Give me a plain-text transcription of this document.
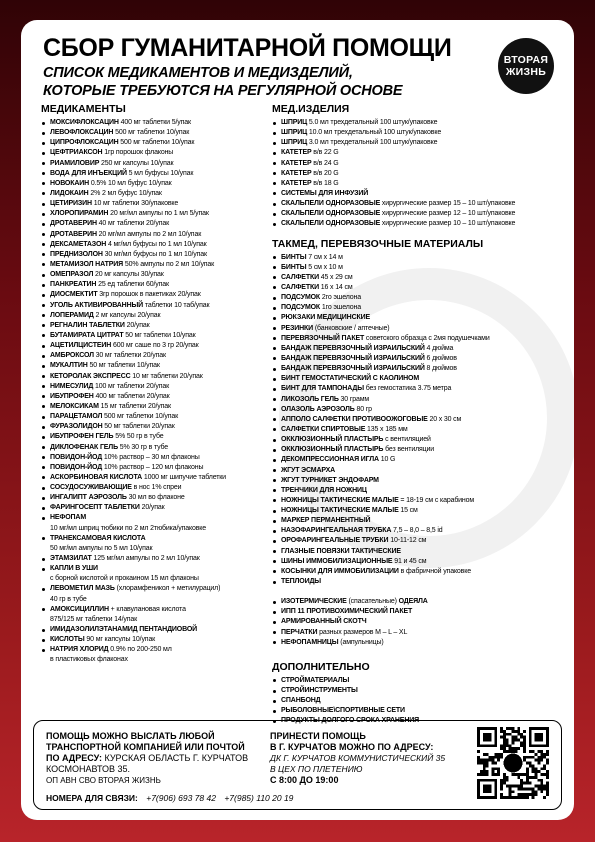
СБОР ГУМАНИТАРНОЙ ПОМОЩИ
СПИСОК МЕДИКАМЕНТОВ И МЕДИЗДЕЛИЙ,
КОТОРЫЕ ТРЕБУЮТСЯ НА РЕГУЛЯРНОЙ ОСНОВЕ
ВТОРАЯ
ЖИЗНЬ
МЕДИКАМЕНТЫ
МОКСИФЛОКСАЦИН 400 мг таблетки 5/упак
ЛЕВОФЛОКСАЦИН 500 мг таблетки 10/упак
ЦИПРОФЛОКСАЦИН 500 мг таблетки 10/упак
ЦЕФТРИАКСОН 1гр порошок флаконы
РИАМИЛОВИР 250 мг капсулы 10/упак
ВОДА ДЛЯ ИНЪЕКЦИЙ 5 мл буфусы 10/упак
НОВОКАИН 0.5% 10 мл буфус 10/упак
ЛИДОКАИН 2% 2 мл буфус 10/упак
ЦЕТИРИЗИН 10 мг таблетки 30/упаковке
ХЛОРОПИРАМИН 20 мг/мл ампулы по 1 мл 5/упак
ДРОТАВЕРИН 40 мг таблетки 20/упак
ДРОТАВЕРИН 20 мг/мл ампулы по 2 мл 10/упак
ДЕКСАМЕТАЗОН 4 мг/мл буфусы по 1 мл 10/упак
ПРЕДНИЗОЛОН 30 мг/мл буфусы по 1 мл 10/упак
МЕТАМИЗОЛ НАТРИЯ 50% ампулы по 2 мл 10/упак
ОМЕПРАЗОЛ 20 мг капсулы 30/упак
ПАНКРЕАТИН 25 ед таблетки 60/упак
ДИОСМЕКТИТ 3гр порошок в пакетиках 20/упак
УГОЛЬ АКТИВИРОВАННЫЙ таблетки 10 таб/упак
ЛОПЕРАМИД 2 мг капсулы 20/упак
РЕГНАЛИН ТАБЛЕТКИ 20/упак
БУТАМИРАТА ЦИТРАТ 50 мг таблетки 10/упак
АЦЕТИЛЦИСТЕИН 600 мг саше по 3 гр 20/упак
АМБРОКСОЛ 30 мг таблетки 20/упак
МУКАЛТИН 50 мг таблетки 10/упак
КЕТОРОЛАК ЭКСПРЕСС 10 мг таблетки 20/упак
НИМЕСУЛИД 100 мг таблетки 20/упак
ИБУПРОФЕН 400 мг таблетки 20/упак
МЕЛОКСИКАМ 15 мг таблетки 20/упак
ПАРАЦЕТАМОЛ 500 мг таблетки 10/упак
ФУРАЗОЛИДОН 50 мг таблетки 20/упак
ИБУПРОФЕН ГЕЛЬ 5% 50 гр в тубе
ДИКЛОФЕНАК ГЕЛЬ 5% 30 гр в тубе
ПОВИДОН-ЙОД 10% раствор – 30 мл флаконы
ПОВИДОН-ЙОД 10% раствор – 120 мл флаконы
АСКОРБИНОВАЯ КИСЛОТА 1000 мг шипучие таблетки
СОСУДОСУЖИВАЮЩИЕ в нос 1% спреи
ИНГАЛИПТ АЭРОЗОЛЬ 30 мл во флаконе
ФАРИНГОСЕПТ ТАБЛЕТКИ 20/упак
НЕФОПАМ
10 мг/мл шприц тюбики по 2 мл 2тюбика/упаковке
ТРАНЕКСАМОВАЯ КИСЛОТА
50 мг/мл ампулы по 5 мл 10/упак
ЭТАМЗИЛАТ 125 мг/мл ампулы по 2 мл 10/упак
КАПЛИ В УШИ
с борной кислотой и прокаином 15 мл флаконы
ЛЕВОМЕТИЛ МАЗЬ (хлорамфеникол + метилурацил)
40 гр в тубе
АМОКСИЦИЛЛИН + клавулановая кислота
875/125 мг таблетки 14/упак
ИМИДАЗОЛИЛЭТАНАМИД ПЕНТАНДИОВОЙ
КИСЛОТЫ 90 мг капсулы 10/упак
НАТРИЯ ХЛОРИД 0.9% по 200-250 мл
в пластиковых флаконах
МЕД.ИЗДЕЛИЯ
ШПРИЦ 5.0 мл трехдетальный 100 штук/упаковке
ШПРИЦ 10.0 мл трехдетальный 100 штук/упаковке
ШПРИЦ 3.0 мл трехдетальный 100 штук/упаковке
КАТЕТЕР в/в 22 G
КАТЕТЕР в/в 24 G
КАТЕТЕР в/в 20 G
КАТЕТЕР в/в 18 G
СИСТЕМЫ ДЛЯ ИНФУЗИЙ
СКАЛЬПЕЛИ ОДНОРАЗОВЫЕ хирургические размер 15 – 10 шт/упаковке
СКАЛЬПЕЛИ ОДНОРАЗОВЫЕ хирургические размер 12 – 10 шт/упаковке
СКАЛЬПЕЛИ ОДНОРАЗОВЫЕ хирургические размер 10 – 10 шт/упаковке
ТАКМЕД, ПЕРЕВЯЗОЧНЫЕ МАТЕРИАЛЫ
БИНТЫ 7 см х 14 м
БИНТЫ 5 см х 10 м
САЛФЕТКИ 45 х 29 см
САЛФЕТКИ 16 х 14 см
ПОДСУМОК 2го эшелона
ПОДСУМОК 1го эшелона
РЮКЗАКИ МЕДИЦИНСКИЕ
РЕЗИНКИ (банковские / аптечные)
ПЕРЕВЯЗОЧНЫЙ ПАКЕТ советского образца с 2мя подушечками
БАНДАЖ ПЕРЕВЯЗОЧНЫЙ ИЗРАИЛЬСКИЙ 4 дюйма
БАНДАЖ ПЕРЕВЯЗОЧНЫЙ ИЗРАИЛЬСКИЙ 6 дюймов
БАНДАЖ ПЕРЕВЯЗОЧНЫЙ ИЗРАИЛЬСКИЙ 8 дюймов
БИНТ ГЕМОСТАТИЧЕСКИЙ С КАОЛИНОМ
БИНТ ДЛЯ ТАМПОНАДЫ без гемостатика 3.75 метра
ЛИКОЗОЛЬ ГЕЛЬ 30 грамм
ОЛАЗОЛЬ АЭРОЗОЛЬ 80 гр
АППОЛО САЛФЕТКИ ПРОТИВООЖОГОВЫЕ 20 х 30 см
САЛФЕТКИ СПИРТОВЫЕ 135 х 185 мм
ОККЛЮЗИОННЫЙ ПЛАСТЫРЬ с вентиляцией
ОККЛЮЗИОННЫЙ ПЛАСТЫРЬ без вентиляции
ДЕКОМПРЕССИОННАЯ ИГЛА 10 G
ЖГУТ ЭСМАРХА
ЖГУТ ТУРНИКЕТ ЭНДОФАРМ
ТРЕНЧИКИ ДЛЯ НОЖНИЦ
НОЖНИЦЫ ТАКТИЧЕСКИЕ МАЛЫЕ = 18-19 см с карабином
НОЖНИЦЫ ТАКТИЧЕСКИЕ МАЛЫЕ 15 см
МАРКЕР ПЕРМАНЕНТНЫЙ
НАЗОФАРИНГЕАЛЬНАЯ ТРУБКА 7,5 – 8,0 – 8,5 id
ОРОФАРИНГЕАЛЬНЫЕ ТРУБКИ 10-11-12 см
ГЛАЗНЫЕ ПОВЯЗКИ ТАКТИЧЕСКИЕ
ШИНЫ ИММОБИЛИЗАЦИОННЫЕ 91 и 45 см
КОСЫНКИ ДЛЯ ИММОБИЛИЗАЦИИ в фабричной упаковке
ТЕПЛОИДЫ
ИЗОТЕРМИЧЕСКИЕ (спасательные) ОДЕЯЛА
ИПП 11 ПРОТИВОХИМИЧЕСКИЙ ПАКЕТ
АРМИРОВАННЫЙ СКОТЧ
ПЕРЧАТКИ разных размеров M – L – XL
НЕФОПАМНИЦЫ (ампульницы)
ДОПОЛНИТЕЛЬНО
СТРОЙМАТЕРИАЛЫ
СТРОЙИНСТРУМЕНТЫ
СПАНБОНД
РЫБОЛОВНЫЕ\СПОРТИВНЫЕ СЕТИ
ПРОДУКТЫ ДОЛГОГО СРОКА ХРАНЕНИЯ
ПОМОЩЬ МОЖНО ВЫСЛАТЬ ЛЮБОЙ
ТРАНСПОРТНОЙ КОМПАНИЕЙ ИЛИ ПОЧТОЙ
ПО АДРЕСУ: КУРСКАЯ ОБЛАСТЬ Г. КУРЧАТОВ
КОСМОНАВТОВ 35.
ОП АВН СВО ВТОРАЯ ЖИЗНЬ
ПРИНЕСТИ ПОМОЩЬ
В Г. КУРЧАТОВ МОЖНО ПО АДРЕСУ:
ДК Г. КУРЧАТОВ КОММУНИСТИЧЕСКИЙ 35
В ЦЕХ ПО ПЛЕТЕНИЮ
С 8:00 ДО 19:00
НОМЕРА ДЛЯ СВЯЗИ: +7(906) 693 78 42 +7(985) 110 20 19
